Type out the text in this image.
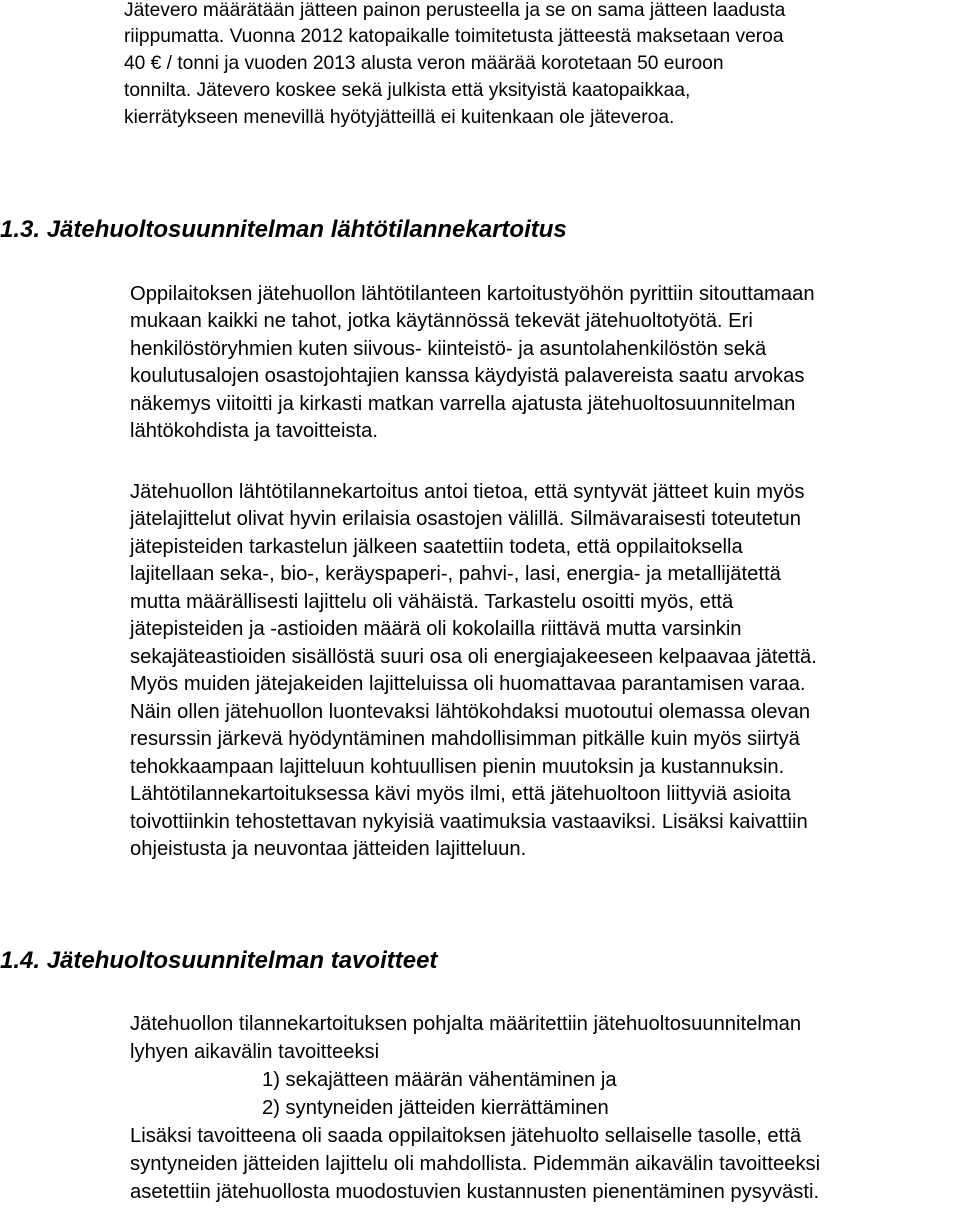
Jätevero määrätään jätteen painon perusteella ja se on sama jätteen laadusta
riippumatta. Vuonna 2012 katopaikalle toimitetusta jätteestä maksetaan veroa
40 € / tonni ja vuoden 2013 alusta veron määrää korotetaan 50 euroon
tonnilta. Jätevero koskee sekä julkista että yksityistä kaatopaikkaa,
kierrätykseen menevillä hyötyjätteillä ei kuitenkaan ole jäteveroa.
1.3. Jätehuoltosuunnitelman lähtötilannekartoitus
Oppilaitoksen jätehuollon lähtötilanteen kartoitustyöhön pyrittiin sitouttamaan
mukaan kaikki ne tahot, jotka käytännössä tekevät jätehuoltotyötä. Eri
henkilöstöryhmien kuten siivous- kiinteistö- ja asuntolahenkilöstön sekä
koulutusalojen osastojohtajien kanssa käydyistä palavereista saatu arvokas
näkemys viitoitti ja kirkasti matkan varrella ajatusta jätehuoltosuunnitelman
lähtökohdista ja tavoitteista.
Jätehuollon lähtötilannekartoitus antoi tietoa, että syntyvät jätteet kuin myös
jätelajittelut olivat hyvin erilaisia osastojen välillä. Silmävaraisesti toteutetun
jätepisteiden tarkastelun jälkeen saatettiin todeta, että oppilaitoksella
lajitellaan seka-, bio-, keräyspaperi-, pahvi-, lasi, energia- ja metallijätettä
mutta määrällisesti lajittelu oli vähäistä. Tarkastelu osoitti myös, että
jätepisteiden ja -astioiden määrä oli kokolailla riittävä mutta varsinkin
sekajäteastioiden sisällöstä suuri osa oli energiajakeeseen kelpaavaa jätettä.
Myös muiden jätejakeiden lajitteluissa oli huomattavaa parantamisen varaa.
Näin ollen jätehuollon luontevaksi lähtökohdaksi muotoutui olemassa olevan
resurssin järkevä hyödyntäminen mahdollisimman pitkälle kuin myös siirtyä
tehokkaampaan lajitteluun kohtuullisen pienin muutoksin ja kustannuksin.
Lähtötilannekartoituksessa kävi myös ilmi, että jätehuoltoon liittyviä asioita
toivottiinkin tehostettavan nykyisiä vaatimuksia vastaaviksi. Lisäksi kaivattiin
ohjeistusta ja neuvontaa jätteiden lajitteluun.
1.4. Jätehuoltosuunnitelman tavoitteet
Jätehuollon tilannekartoituksen pohjalta määritettiin jätehuoltosuunnitelman
lyhyen aikavälin tavoitteeksi
1) sekajätteen määrän vähentäminen ja
2) syntyneiden jätteiden kierrättäminen
Lisäksi tavoitteena oli saada oppilaitoksen jätehuolto sellaiselle tasolle, että
syntyneiden jätteiden lajittelu oli mahdollista. Pidemmän aikavälin tavoitteeksi
asetettiin jätehuollosta muodostuvien kustannusten pienentäminen pysyvästi.
